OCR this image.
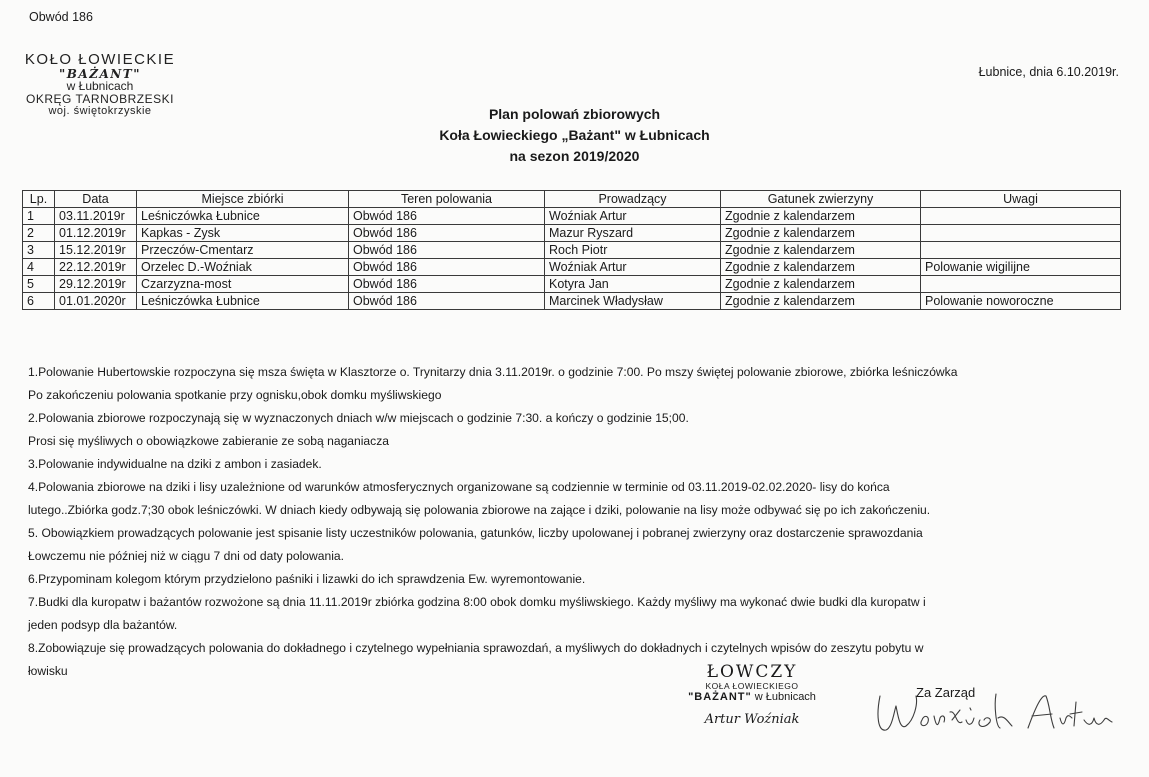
Obwód 186
KOŁO ŁOWIECKIE
"BAŻANT"
w Łubnicach
OKRĘG TARNOBRZESKI
woj. świętokrzyskie
Łubnice, dnia 6.10.2019r.
Plan polowań zbiorowych
Koła Łowieckiego „Bażant" w Łubnicach
na sezon 2019/2020
Lp.	Data	Miejsce zbiórki	Teren polowania	Prowadzący	Gatunek zwierzyny	Uwagi
1	03.11.2019r	Leśniczówka Łubnice	Obwód 186	Woźniak Artur	Zgodnie z kalendarzem	
2	01.12.2019r	Kapkas - Zysk	Obwód 186	Mazur Ryszard	Zgodnie z kalendarzem	
3	15.12.2019r	Przeczów-Cmentarz	Obwód 186	Roch Piotr	Zgodnie z kalendarzem	
4	22.12.2019r	Orzelec D.-Woźniak	Obwód 186	Woźniak Artur	Zgodnie z kalendarzem	Polowanie wigilijne
5	29.12.2019r	Czarzyzna-most	Obwód 186	Kotyra Jan	Zgodnie z kalendarzem	
6	01.01.2020r	Leśniczówka Łubnice	Obwód 186	Marcinek Władysław	Zgodnie z kalendarzem	Polowanie noworoczne

1.Polowanie Hubertowskie rozpoczyna się msza święta w Klasztorze o. Trynitarzy dnia 3.11.2019r. o godzinie 7:00. Po mszy świętej polowanie zbiorowe, zbiórka leśniczówka

Po zakończeniu polowania spotkanie przy ognisku,obok domku myśliwskiego

2.Polowania zbiorowe rozpoczynają się w wyznaczonych dniach w/w miejscach o godzinie 7:30. a kończy o godzinie 15;00.

Prosi się myśliwych o obowiązkowe zabieranie ze sobą naganiacza

3.Polowanie indywidualne na dziki z ambon i zasiadek.

4.Polowania zbiorowe na dziki i lisy uzależnione od warunków atmosferycznych organizowane są codziennie w terminie od 03.11.2019-02.02.2020- lisy do końca

lutego..Zbiórka godz.7;30 obok leśniczówki. W dniach kiedy odbywają się polowania zbiorowe na zające i dziki, polowanie na lisy może odbywać się po ich zakończeniu.

5. Obowiązkiem prowadzących polowanie jest spisanie listy uczestników polowania, gatunków, liczby upolowanej i pobranej zwierzyny oraz dostarczenie sprawozdania

Łowczemu nie później niż w ciągu 7 dni od daty polowania.

6.Przypominam kolegom którym przydzielono paśniki i lizawki do ich sprawdzenia Ew. wyremontowanie.

7.Budki dla kuropatw i bażantów rozwożone są dnia 11.11.2019r zbiórka godzina 8:00 obok domku myśliwskiego. Każdy myśliwy ma wykonać dwie budki dla kuropatw i

jeden podsyp dla bażantów.

8.Zobowiązuje się prowadzących polowania do dokładnego i czytelnego wypełniania sprawozdań, a myśliwych do dokładnych i czytelnych wpisów do zeszytu pobytu w

łowisku	ŁOWCZY
KOŁA ŁOWIECKIEGO
"BAŻANT" w Łubnicach
Artur Woźniak
Za Zarząd
